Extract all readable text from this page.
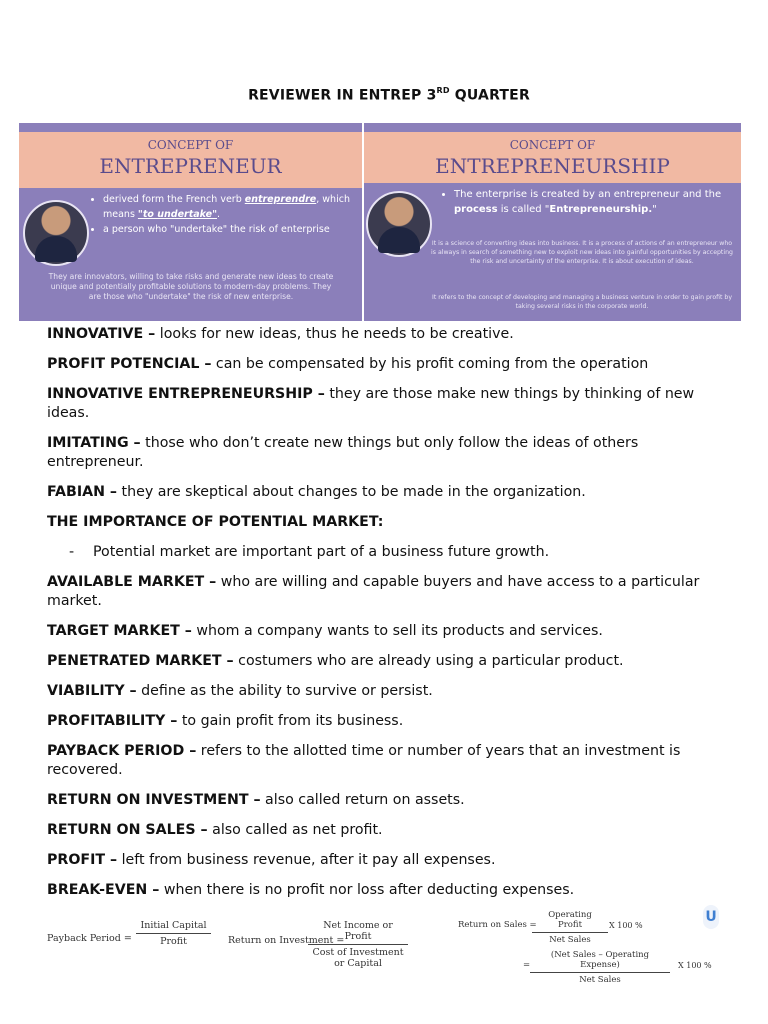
REVIEWER IN ENTREP 3RD QUARTER
CONCEPT OF
ENTREPRENEUR
• derived form the French verb entreprendre, which means "to undertake".
• a person who "undertake" the risk of enterprise
They are innovators, willing to take risks and generate new ideas to create unique and potentially profitable solutions to modern-day problems. They are those who "undertake" the risk of new enterprise.
CONCEPT OF
ENTREPRENEURSHIP
• The enterprise is created by an entrepreneur and the process is called "Entrepreneurship."
It is a science of converting ideas into business. It is a process of actions of an entrepreneur who is always in search of something new to exploit new ideas into gainful opportunities by accepting the risk and uncertainty of the enterprise. It is about execution of ideas.
It refers to the concept of developing and managing a business venture in order to gain profit by taking several risks in the corporate world.
INNOVATIVE – looks for new ideas, thus he needs to be creative.
PROFIT POTENCIAL – can be compensated by his profit coming from the operation
INNOVATIVE ENTREPRENEURSHIP – they are those make new things by thinking of new ideas.
IMITATING – those who don’t create new things but only follow the ideas of others entrepreneur.
FABIAN – they are skeptical about changes to be made in the organization.
THE IMPORTANCE OF POTENTIAL MARKET:
- Potential market are important part of a business future growth.
AVAILABLE MARKET – who are willing and capable buyers and have access to a particular market.
TARGET MARKET – whom a company wants to sell its products and services.
PENETRATED MARKET – costumers who are already using a particular product.
VIABILITY – define as the ability to survive or persist.
PROFITABILITY – to gain profit from its business.
PAYBACK PERIOD – refers to the allotted time or number of years that an investment is recovered.
RETURN ON INVESTMENT – also called return on assets.
RETURN ON SALES – also called as net profit.
PROFIT – left from business revenue, after it pay all expenses.
BREAK-EVEN – when there is no profit nor loss after deducting expenses.
Payback Period =
Initial Capital
Profit	Return on Investment =
Net Income or Profit
Cost of Investment or Capital
Return on Sales =
Operating Profit
Net Sales
X 100 %
=
(Net Sales – Operating Expense)
Net Sales
X 100 %
U
